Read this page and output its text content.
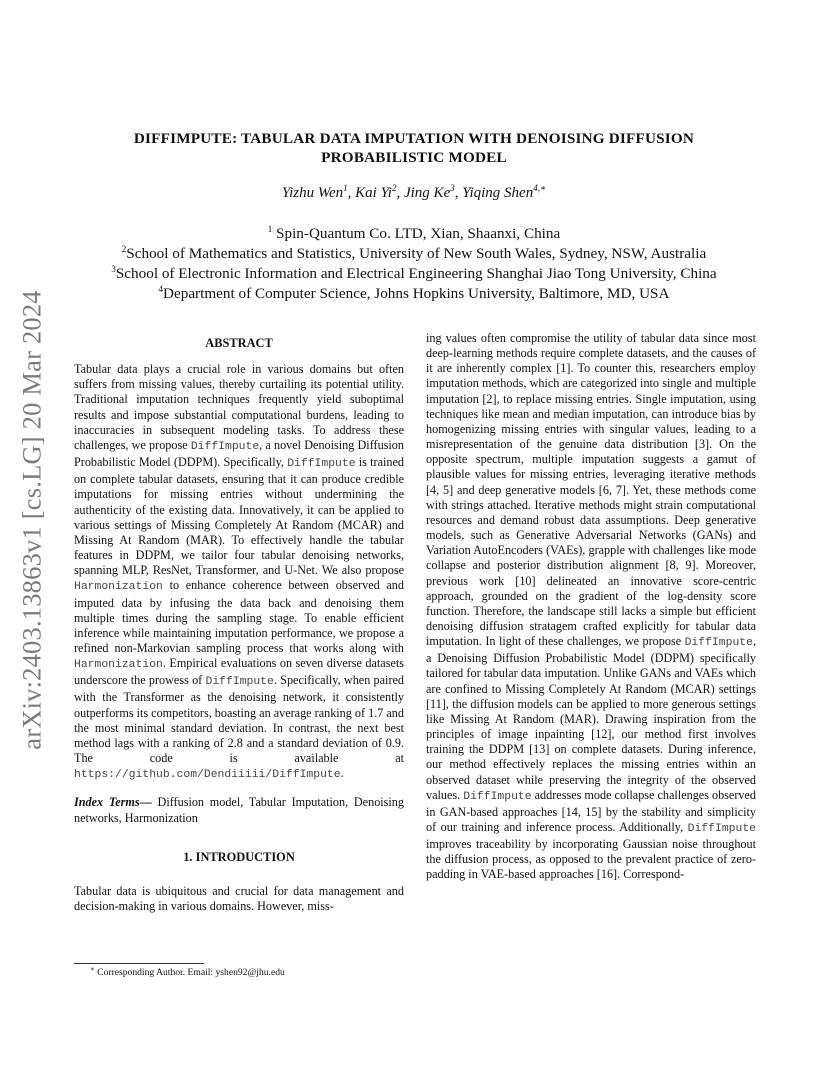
arXiv:2403.13863v1 [cs.LG] 20 Mar 2024
DIFFIMPUTE: TABULAR DATA IMPUTATION WITH DENOISING DIFFUSION
PROBABILISTIC MODEL
Yizhu Wen$^1$, Kai Yi$^2$, Jing Ke$^3$, Yiqing Shen$^{4,∗}$
$^1$ Spin-Quantum Co. LTD, Xian, Shaanxi, China
$^2$School of Mathematics and Statistics, University of New South Wales, Sydney, NSW, Australia
$^3$School of Electronic Information and Electrical Engineering Shanghai Jiao Tong University, China
$^4$Department of Computer Science, Johns Hopkins University, Baltimore, MD, USA
ABSTRACT

Tabular data plays a crucial role in various domains but often suffers from missing values, thereby curtailing its potential utility. Traditional imputation techniques frequently yield suboptimal results and impose substantial computational burdens, leading to inaccuracies in subsequent modeling tasks. To address these challenges, we propose DiffImpute, a novel Denoising Diffusion Probabilistic Model (DDPM). Specifically, DiffImpute is trained on complete tabular datasets, ensuring that it can produce credible imputations for missing entries without undermining the authenticity of the existing data. Innovatively, it can be applied to various settings of Missing Completely At Random (MCAR) and Missing At Random (MAR). To effectively handle the tabular features in DDPM, we tailor four tabular denoising networks, spanning MLP, ResNet, Transformer, and U-Net. We also propose Harmonization to enhance coherence between observed and imputed data by infusing the data back and denoising them multiple times during the sampling stage. To enable efficient inference while maintaining imputation performance, we propose a refined non-Markovian sampling process that works along with Harmonization. Empirical evaluations on seven diverse datasets underscore the prowess of DiffImpute. Specifically, when paired with the Transformer as the denoising network, it consistently outperforms its competitors, boasting an average ranking of 1.7 and the most minimal standard deviation. In contrast, the next best method lags with a ranking of 2.8 and a standard deviation of 0.9. The code is available at https://github.com/Dendiiiii/DiffImpute.

Index Terms— Diffusion model, Tabular Imputation, Denoising networks, Harmonization

1. INTRODUCTION

Tabular data is ubiquitous and crucial for data management and decision-making in various domains. However, miss-

ing values often compromise the utility of tabular data since most deep-learning methods require complete datasets, and the causes of it are inherently complex [1]. To counter this, researchers employ imputation methods, which are categorized into single and multiple imputation [2], to replace missing entries. Single imputation, using techniques like mean and median imputation, can introduce bias by homogenizing missing entries with singular values, leading to a misrepresentation of the genuine data distribution [3]. On the opposite spectrum, multiple imputation suggests a gamut of plausible values for missing entries, leveraging iterative methods [4, 5] and deep generative models [6, 7]. Yet, these methods come with strings attached. Iterative methods might strain computational resources and demand robust data assumptions. Deep generative models, such as Generative Adversarial Networks (GANs) and Variation AutoEncoders (VAEs), grapple with challenges like mode collapse and posterior distribution alignment [8, 9]. Moreover, previous work [10] delineated an innovative score-centric approach, grounded on the gradient of the log-density score function. Therefore, the landscape still lacks a simple but efficient denoising diffusion stratagem crafted explicitly for tabular data imputation. In light of these challenges, we propose DiffImpute, a Denoising Diffusion Probabilistic Model (DDPM) specifically tailored for tabular data imputation. Unlike GANs and VAEs which are confined to Missing Completely At Random (MCAR) settings [11], the diffusion models can be applied to more generous settings like Missing At Random (MAR). Drawing inspiration from the principles of image inpainting [12], our method first involves training the DDPM [13] on complete datasets. During inference, our method effectively replaces the missing entries within an observed dataset while preserving the integrity of the observed values. DiffImpute addresses mode collapse challenges observed in GAN-based approaches [14, 15] by the stability and simplicity of our training and inference process. Additionally, DiffImpute improves traceability by incorporating Gaussian noise throughout the diffusion process, as opposed to the prevalent practice of zero-padding in VAE-based approaches [16]. Correspond-

∗ Corresponding Author. Email: yshen92@jhu.edu
